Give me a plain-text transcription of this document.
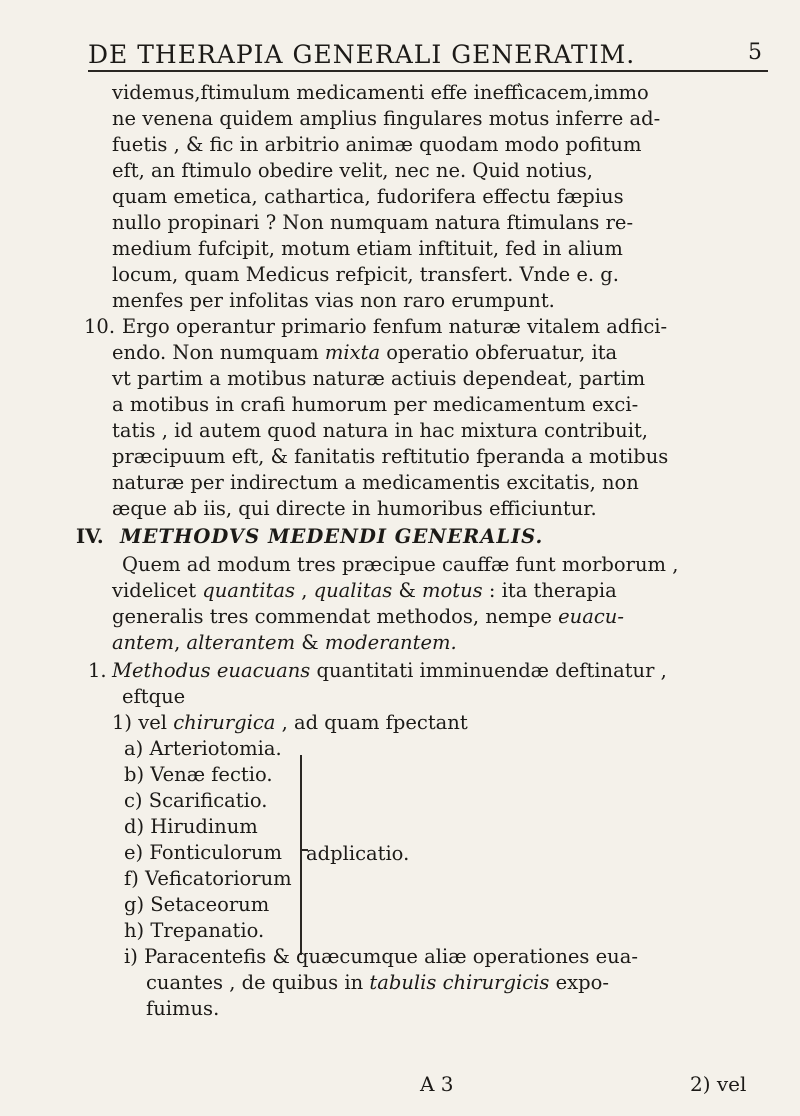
DE THERAPIA GENERALI GENERATIM.	5
videmus,ftimulum medicamenti effe ineffìcacem,immo
ne venena quidem amplius fingulares motus inferre ad-
fuetis , & fic in arbitrio animæ quodam modo pofitum
eft, an ftimulo obedire velit, nec ne. Quid notius,
quam emetica, cathartica, fudorifera effectu fæpius
nullo propinari ? Non numquam natura ftimulans re-
medium fufcipit, motum etiam inftituit, fed in alium
locum, quam Medicus refpicit, transfert. Vnde e. g.
menfes per infolitas vias non raro erumpunt.
10. Ergo operantur primario fenfum naturæ vitalem adfici-
endo. Non numquam mixta operatio obferuatur, ita
vt partim a motibus naturæ actiuis dependeat, partim
a motibus in crafi humorum per medicamentum exci-
tatis , id autem quod natura in hac mixtura contribuit,
præcipuum eft, & fanitatis reftitutio fperanda a motibus
naturæ per indirectum a medicamentis excitatis, non
æque ab iis, qui directe in humoribus efficiuntur.
IV. METHODVS MEDENDI GENERALIS.
Quem ad modum tres præcipue cauffæ funt morborum ,
videlicet quantitas , qualitas & motus : ita therapia
generalis tres commendat methodos, nempe euacu-
antem, alterantem & moderantem.
1. Methodus euacuans quantitati imminuendæ deftinatur ,
eftque
1) vel chirurgica , ad quam fpectant
a) Arteriotomia.
b) Venæ fectio.
c) Scarificatio.
d) Hirudinum
e) Fonticulorum
f) Veficatoriorum
g) Setaceorum
h) Trepanatio.
adplicatio.
i) Paracentefis & quæcumque aliæ operationes eua-
cuantes , de quibus in tabulis chirurgicis expo-
fuimus.
A 3	2) vel
